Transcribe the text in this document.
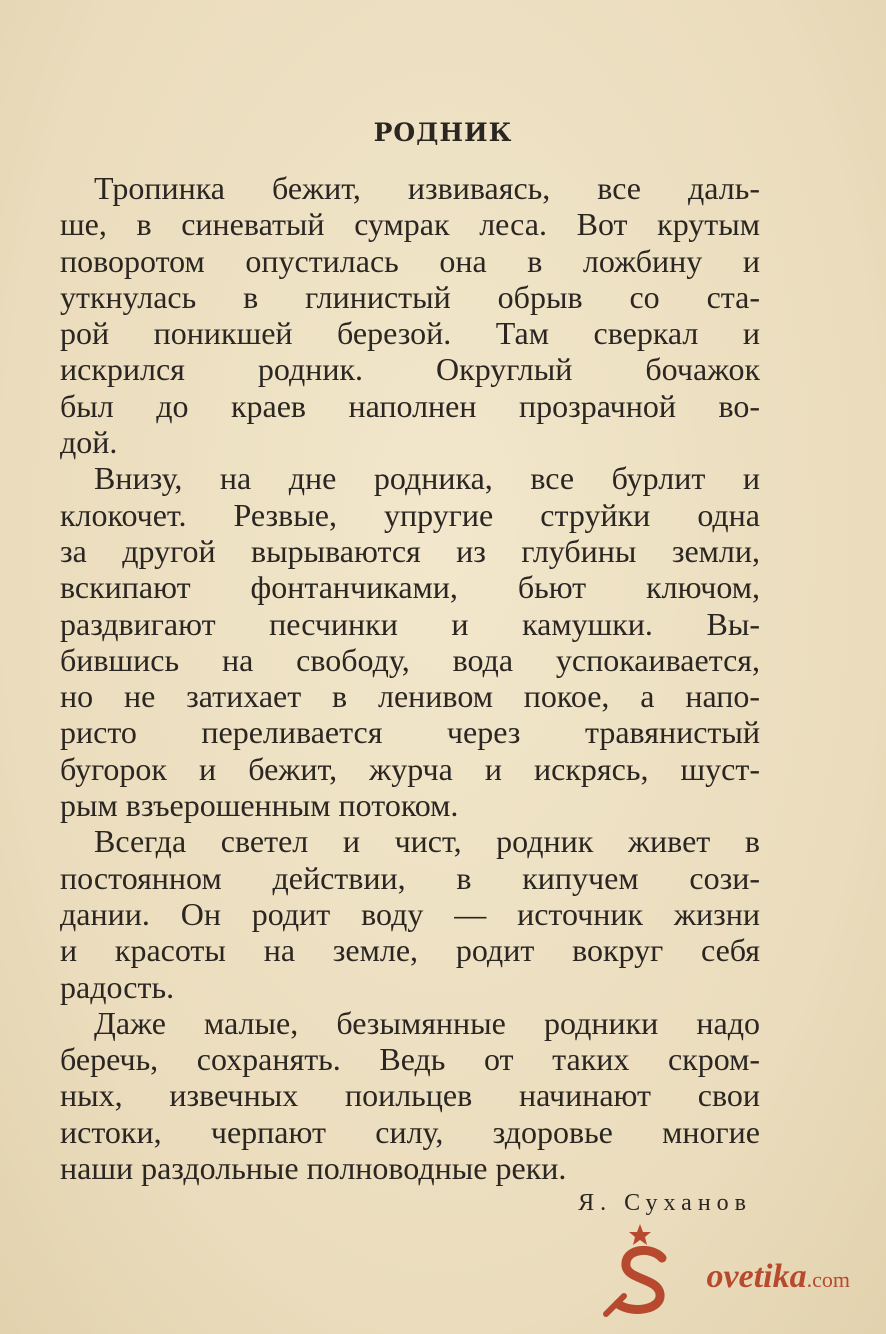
РОДНИК
Тропинка бежит, извиваясь, все даль-
ше, в синеватый сумрак леса. Вот крутым
поворотом опустилась она в ложбину и
уткнулась в глинистый обрыв со ста-
рой поникшей березой. Там сверкал и
искрился родник. Округлый бочажок
был до краев наполнен прозрачной во-
дой.
Внизу, на дне родника, все бурлит и
клокочет. Резвые, упругие струйки одна
за другой вырываются из глубины земли,
вскипают фонтанчиками, бьют ключом,
раздвигают песчинки и камушки. Вы-
бившись на свободу, вода успокаивается,
но не затихает в ленивом покое, а напо-
ристо переливается через травянистый
бугорок и бежит, журча и искрясь, шуст-
рым взъерошенным потоком.
Всегда светел и чист, родник живет в
постоянном действии, в кипучем сози-
дании. Он родит воду — источник жизни
и красоты на земле, родит вокруг себя
радость.
Даже малые, безымянные родники надо
беречь, сохранять. Ведь от таких скром-
ных, извечных поильцев начинают свои
истоки, черпают силу, здоровье многие
наши раздольные полноводные реки.
Я. Суханов
ovetika.com
